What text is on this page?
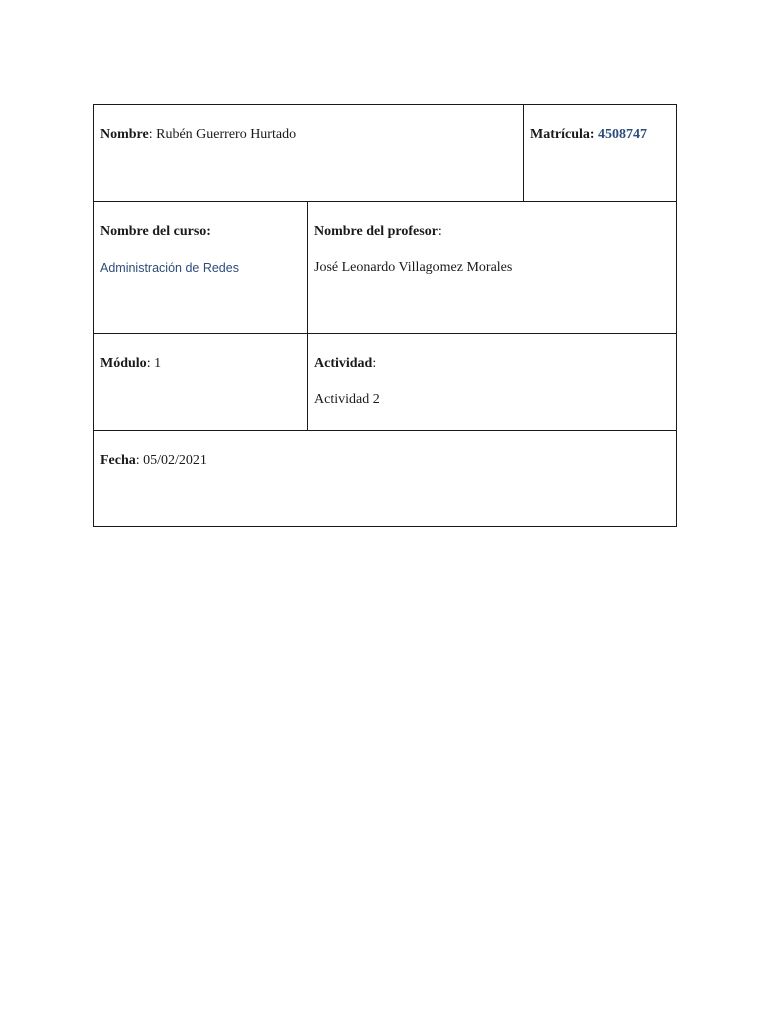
Nombre: Rubén Guerrero Hurtado		Matrícula: 4508747

Nombre del curso:
Administración de Redes	Nombre del profesor:
José Leonardo Villagomez Morales	

Módulo: 1	Actividad:
Actividad 2	

Fecha: 05/02/2021		
